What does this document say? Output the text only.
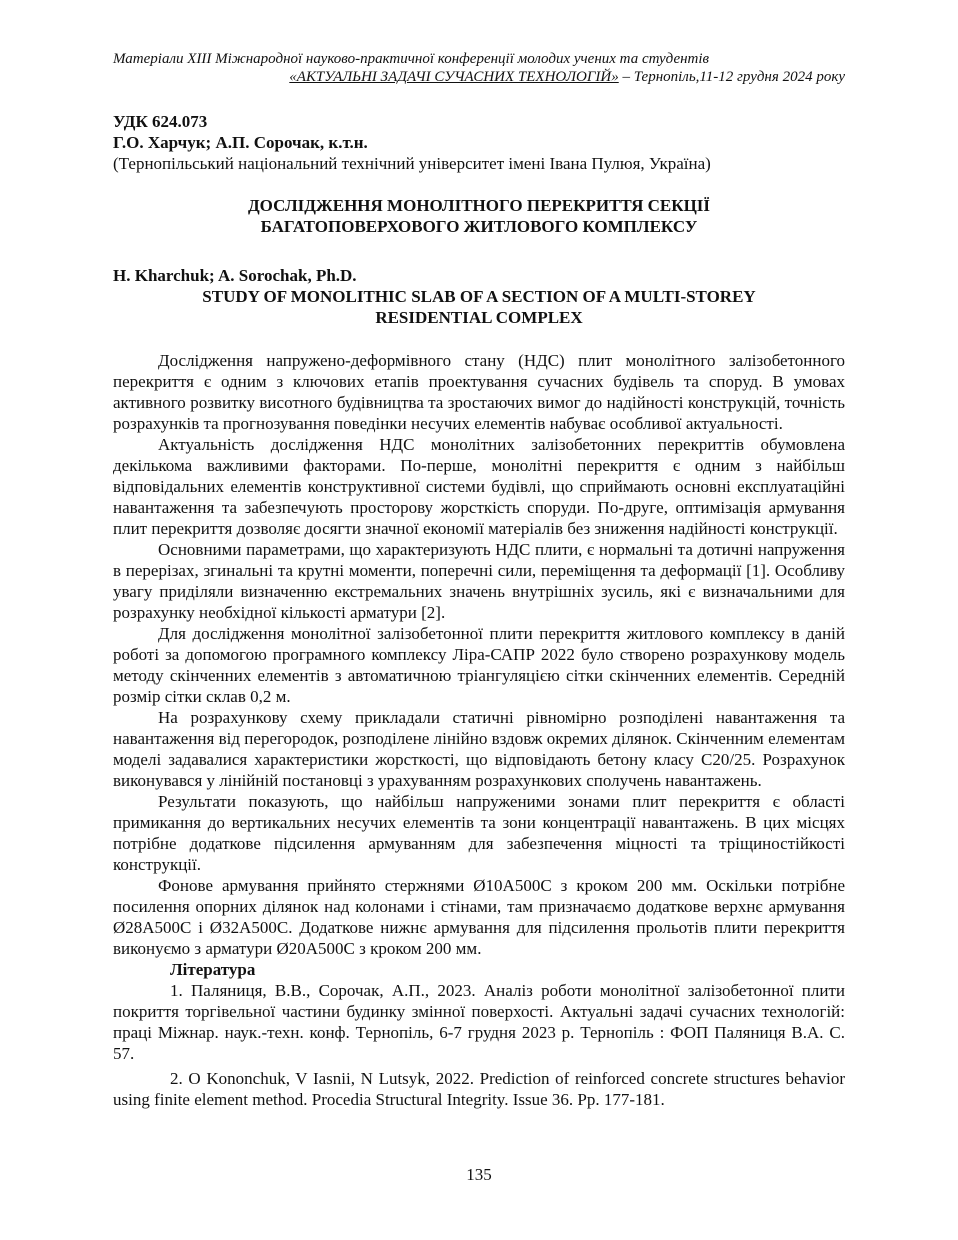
Матеріали XIII Міжнародної науково-практичної конференції молодих учених та студентів
«АКТУАЛЬНІ ЗАДАЧІ СУЧАСНИХ ТЕХНОЛОГІЙ» – Тернопіль,11-12 грудня 2024 року
УДК 624.073
Г.О. Харчук; А.П. Сорочак, к.т.н.
(Тернопільський національний технічний університет імені Івана Пулюя, Україна)
ДОСЛІДЖЕННЯ МОНОЛІТНОГО ПЕРЕКРИТТЯ СЕКЦІЇ
БАГАТОПОВЕРХОВОГО ЖИТЛОВОГО КОМПЛЕКСУ
H. Kharchuk; A. Sorochak, Ph.D.
STUDY OF MONOLITHIC SLAB OF A SECTION OF A MULTI-STOREY
RESIDENTIAL COMPLEX

Дослідження напружено-деформівного стану (НДС) плит монолітного залізобетонного перекриття є одним з ключових етапів проектування сучасних будівель та споруд. В умовах активного розвитку висотного будівництва та зростаючих вимог до надійності конструкцій, точність розрахунків та прогнозування поведінки несучих елементів набуває особливої актуальності.

Актуальність дослідження НДС монолітних залізобетонних перекриттів обумовлена декількома важливими факторами. По-перше, монолітні перекриття є одним з найбільш відповідальних елементів конструктивної системи будівлі, що сприймають основні експлуатаційні навантаження та забезпечують просторову жорсткість споруди. По-друге, оптимізація армування плит перекриття дозволяє досягти значної економії матеріалів без зниження надійності конструкції.

Основними параметрами, що характеризують НДС плити, є нормальні та дотичні напруження в перерізах, згинальні та крутні моменти, поперечні сили, переміщення та деформації [1]. Особливу увагу приділяли визначенню екстремальних значень внутрішніх зусиль, які є визначальними для розрахунку необхідної кількості арматури [2].

Для дослідження монолітної залізобетонної плити перекриття житлового комплексу в даній роботі за допомогою програмного комплексу Ліра-САПР 2022 було створено розрахункову модель методу скінченних елементів з автоматичною тріангуляцією сітки скінченних елементів. Середній розмір сітки склав 0,2 м.

На розрахункову схему прикладали статичні рівномірно розподілені навантаження та навантаження від перегородок, розподілене лінійно вздовж окремих ділянок. Скінченним елементам моделі задавалися характеристики жорсткості, що відповідають бетону класу С20/25. Розрахунок виконувався у лінійній постановці з урахуванням розрахункових сполучень навантажень.

Результати показують, що найбільш напруженими зонами плит перекриття є області примикання до вертикальних несучих елементів та зони концентрації навантажень. В цих місцях потрібне додаткове підсилення армуванням для забезпечення міцності та тріщиностійкості конструкції.

Фонове армування прийнято стержнями Ø10А500С з кроком 200 мм. Оскільки потрібне посилення опорних ділянок над колонами і стінами, там призначаємо додаткове верхнє армування Ø28А500С і Ø32А500С. Додаткове нижнє армування для підсилення прольотів плити перекриття виконуємо з арматури Ø20А500С з кроком 200 мм.

Література

1. Паляниця, В.В., Сорочак, А.П., 2023. Аналіз роботи монолітної залізобетонної плити покриття торгівельної частини будинку змінної поверхоcтi. Актуальні задачі сучасних технологій: праці Міжнар. наук.-техн. конф. Тернопіль, 6-7 грудня 2023 р. Тернопіль : ФОП Паляниця В.А. С. 57.

2. O Kononchuk, V Iasnii, N Lutsyk, 2022. Prediction of reinforced concrete structures behavior using finite element method. Procedia Structural Integrity. Issue 36. Pp. 177-181.

135
